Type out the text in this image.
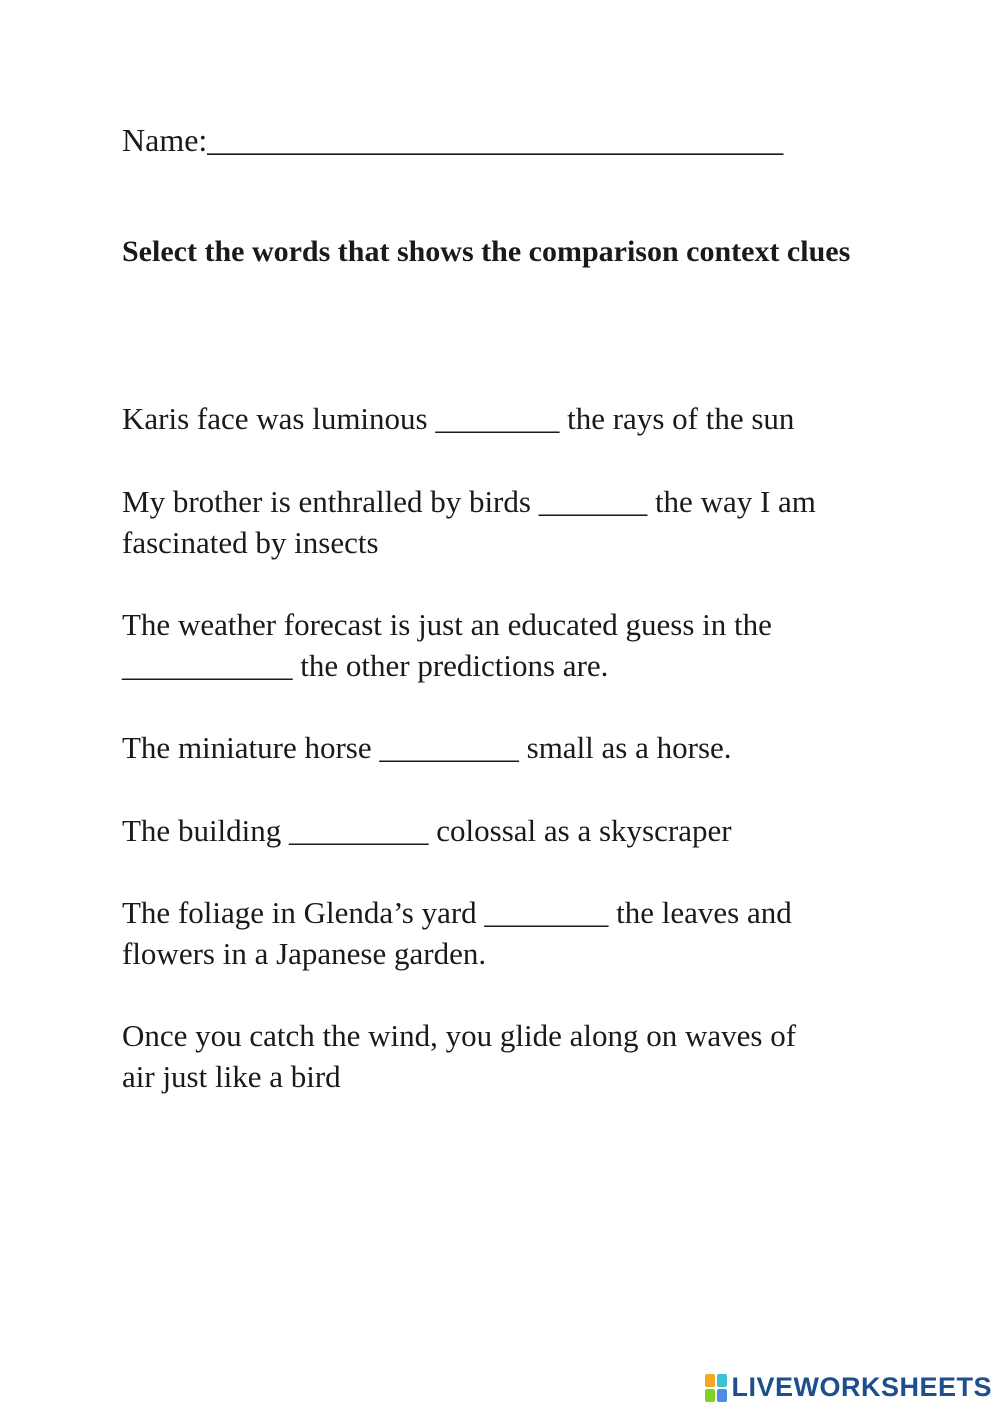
Name:____________________________________

Select the words that shows the comparison context clues

Karis face was luminous ________ the rays of the sun

My brother is enthralled by birds _______ the way I am

fascinated by insects

The weather forecast is just an educated guess in the

___________ the other predictions are.

The miniature horse _________ small as a horse.

The building _________ colossal as a skyscraper

The foliage in Glenda’s yard ________ the leaves and

flowers in a Japanese garden.

Once you catch the wind, you glide along on waves of

air just like a bird

LIVEWORKSHEETS
